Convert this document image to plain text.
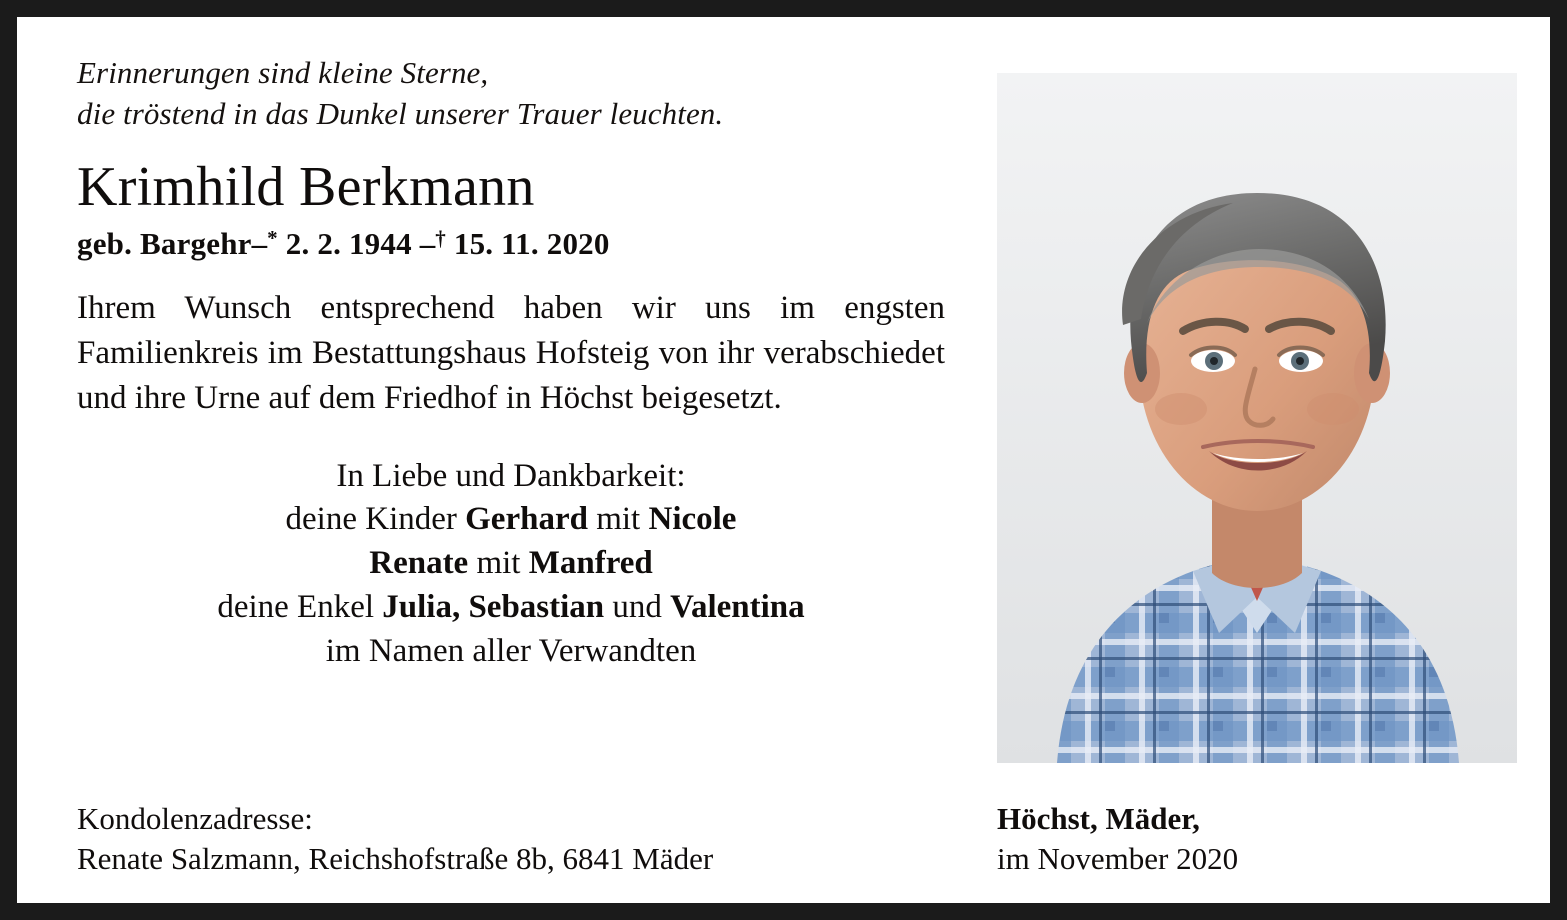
Erinnerungen sind kleine Sterne,
die tröstend in das Dunkel unserer Trauer leuchten.
Krimhild Berkmann
geb. Bargehr–* 2. 2. 1944 –† 15. 11. 2020
Ihrem Wunsch entsprechend haben wir uns im engsten Familienkreis im Bestattungshaus Hofsteig von ihr verabschiedet und ihre Urne auf dem Friedhof in Höchst beigesetzt.
In Liebe und Dankbarkeit:
deine Kinder Gerhard mit Nicole
Renate mit Manfred
deine Enkel Julia, Sebastian und Valentina
im Namen aller Verwandten
Kondolenzadresse:
Renate Salzmann, Reichshofstraße 8b, 6841 Mäder
Höchst, Mäder,
im November 2020
